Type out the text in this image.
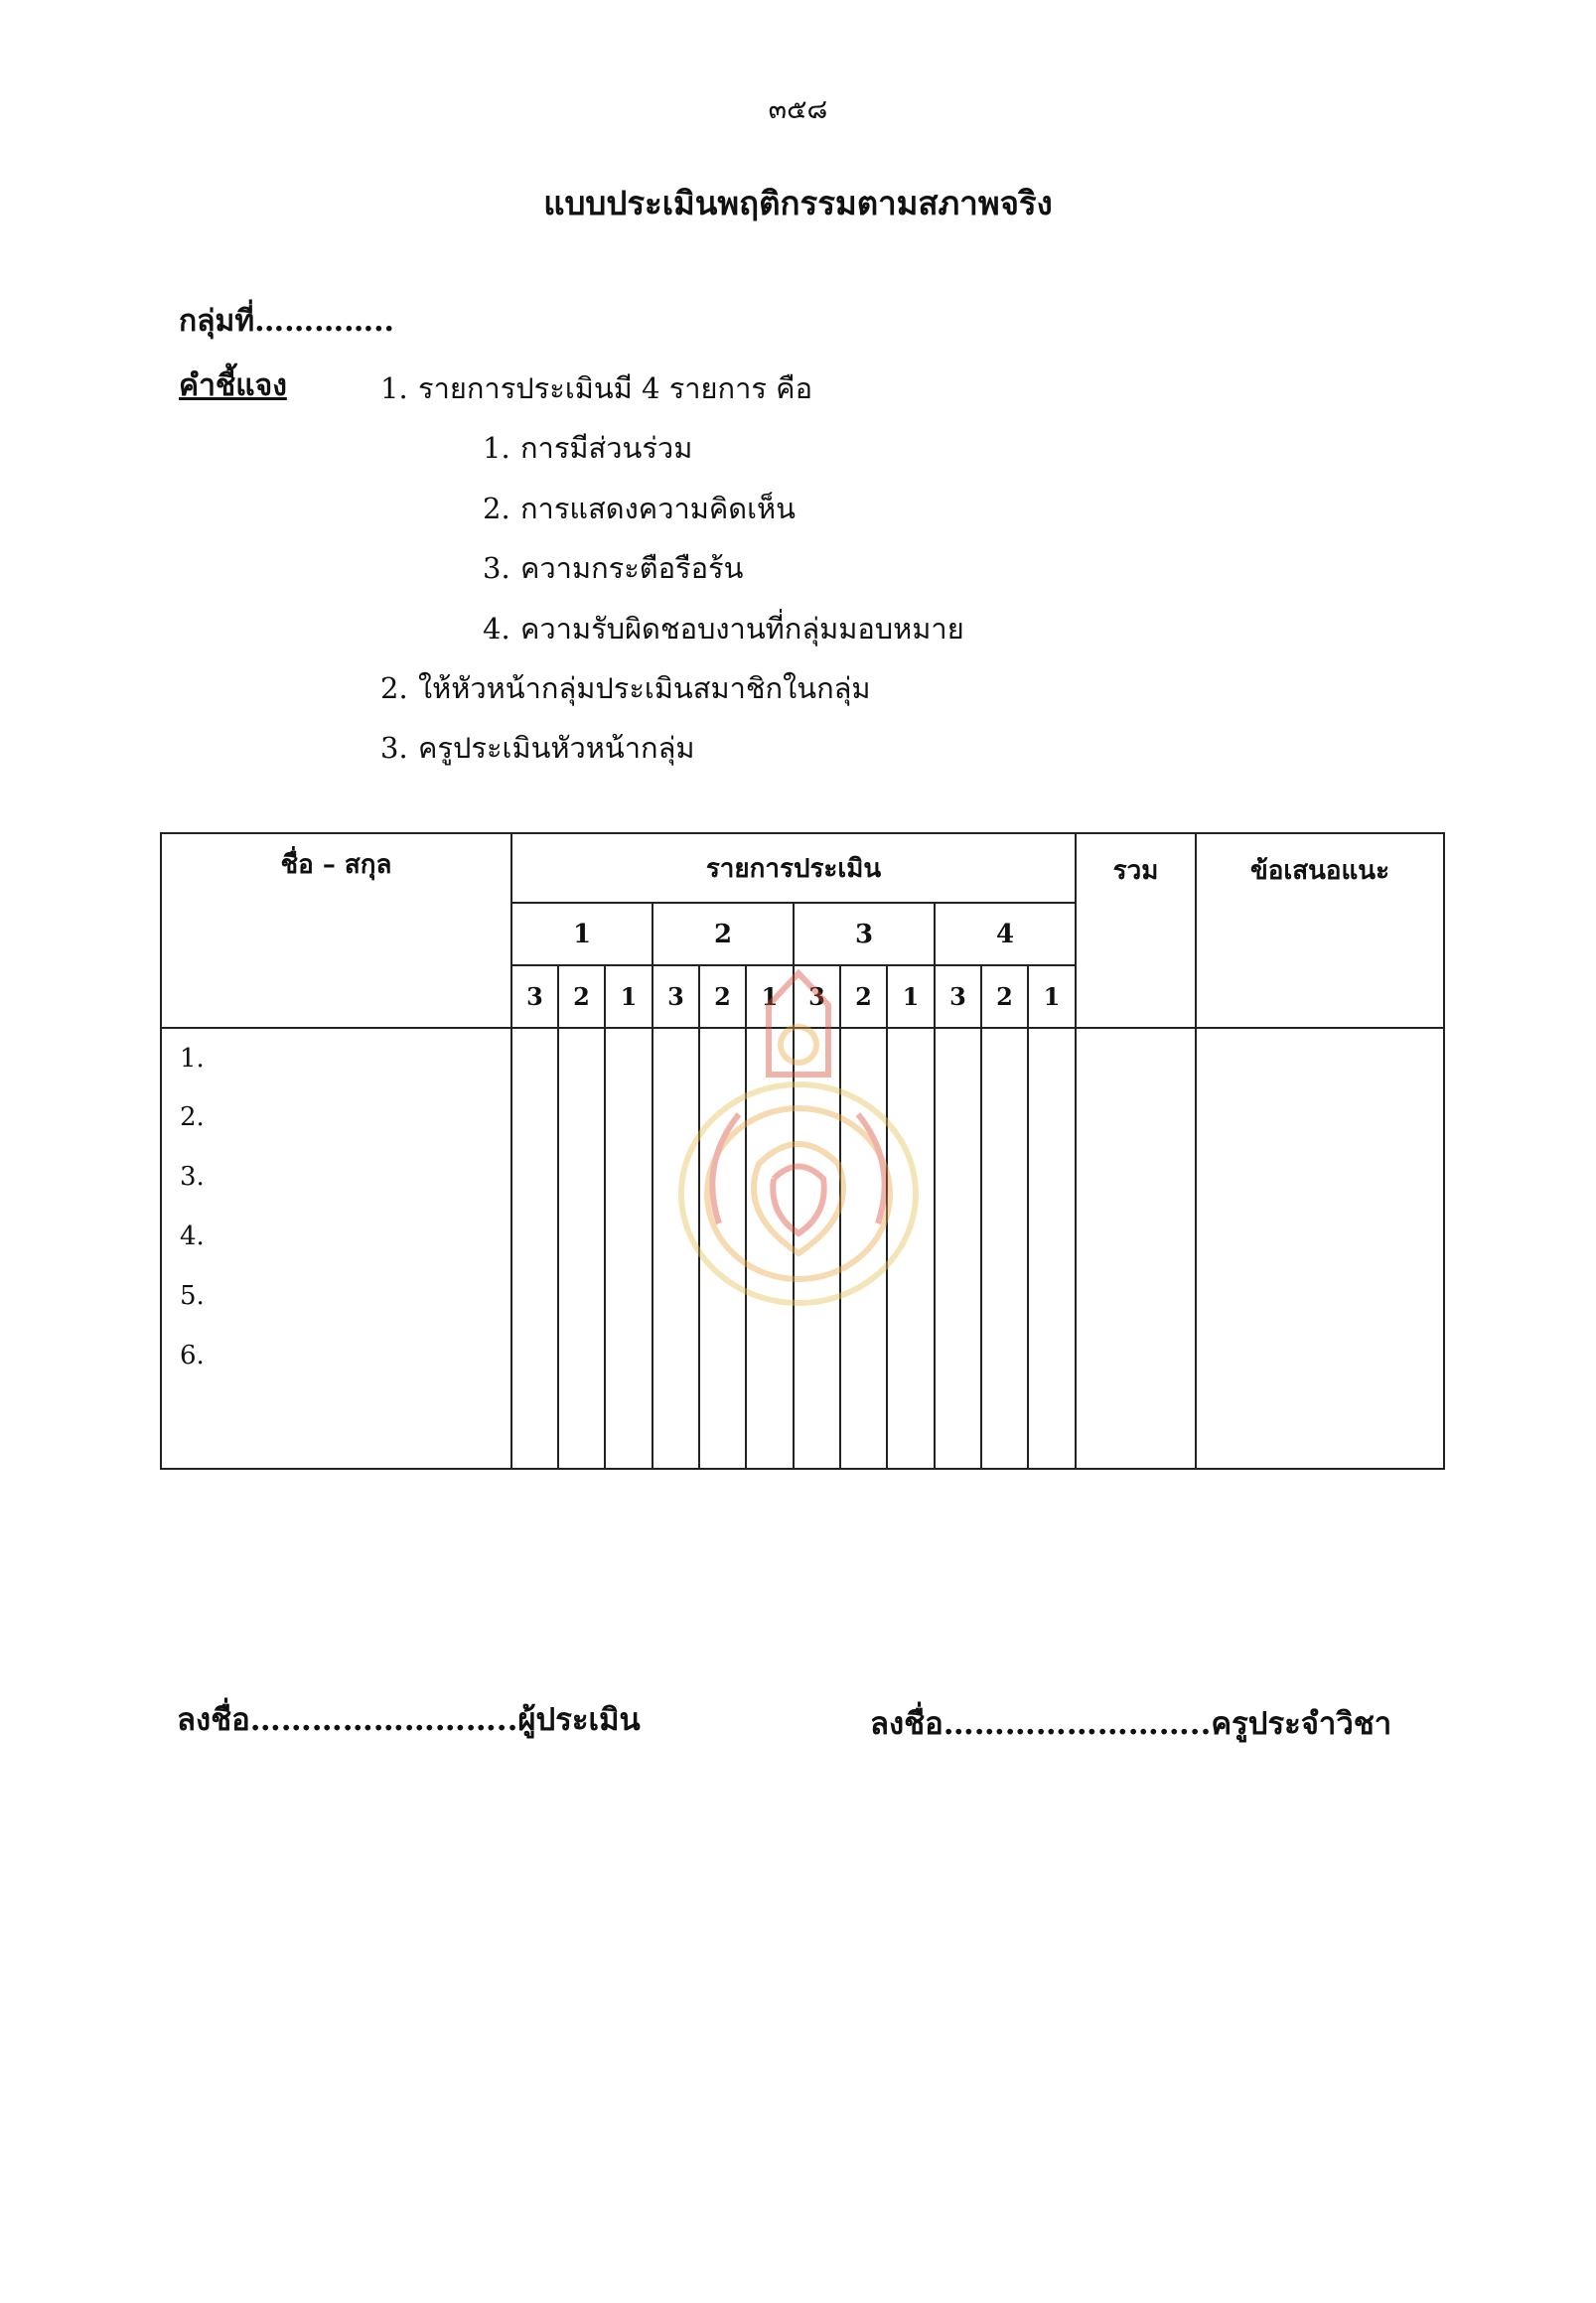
๓๕๘
แบบประเมินพฤติกรรมตามสภาพจริง
กลุ่มที่…………..
คำชี้แจง	1. รายการประเมินมี 4 รายการ คือ
1. การมีส่วนร่วม
2. การแสดงความคิดเห็น
3. ความกระตือรือร้น
4. ความรับผิดชอบงานที่กลุ่มมอบหมาย
2. ให้หัวหน้ากลุ่มประเมินสมาชิกในกลุ่ม
3. ครูประเมินหัวหน้ากลุ่ม
ชื่อ – สกุล	รายการประเมิน												รวม	ข้อเสนอแนะ
	1			2			3			4				
	3	2	1	3	2	1	3	2	1	3	2	1		
1.														
2.														
3.														
4.														
5.														
6.														

ลงชื่อ……………………..ผู้ประเมิน	ลงชื่อ……………………..ครูประจำวิชา
